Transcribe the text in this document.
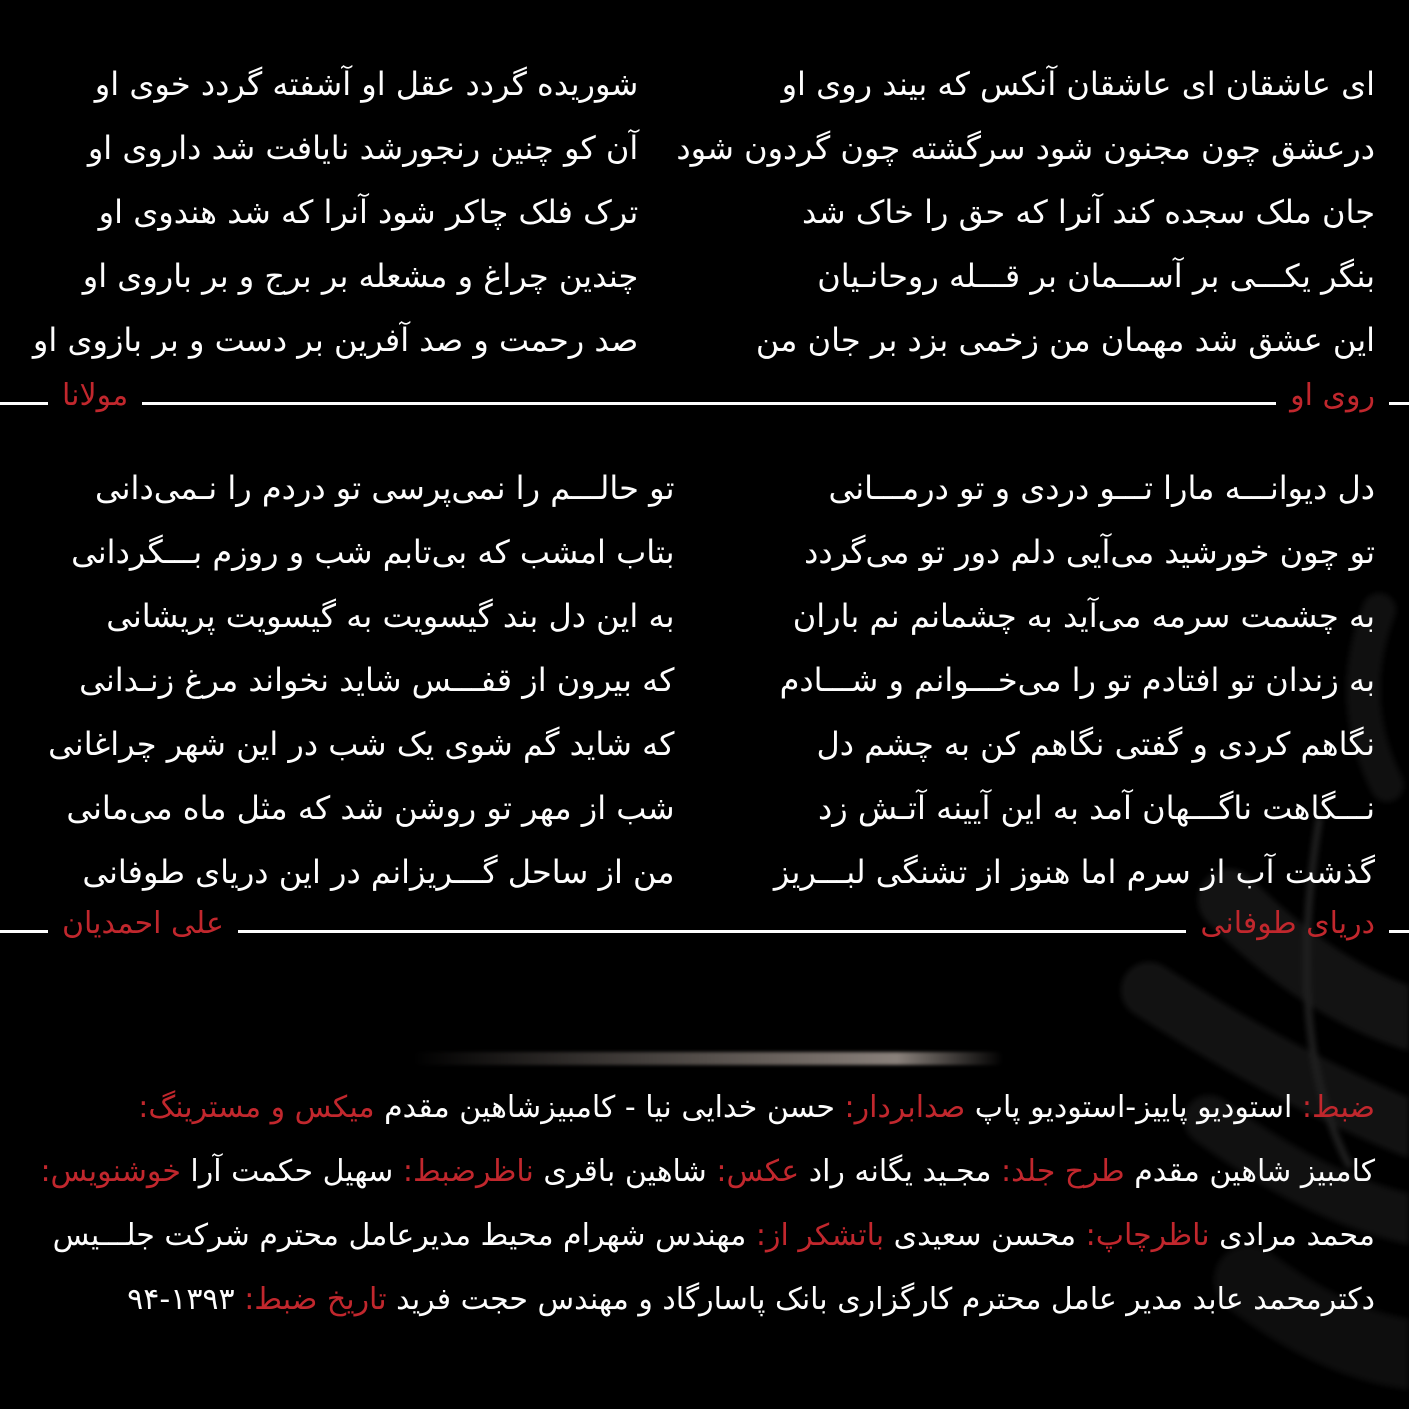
ای عاشقان ای عاشقان آنکس که بیند روی او
درعشق چون مجنون شود سرگشته چون گردون شود
جان ملک سجده کند آنرا که حق را خاک شد
بنگر یکـــی بر آســـمان بر قـــله روحانـیان
این عشق شد مهمان من زخمی بزد بر جان من
شوریده گردد عقل او آشفته گردد خوی او
آن کو چنین رنجورشد نایافت شد داروی او
ترک فلک چاکر شود آنرا که شد هندوی او
چندین چراغ و مشعله بر برج و بر باروی او
صد رحمت و صد آفرین بر دست و بر بازوی او
مولانا	روی او
دل دیوانـــه مارا تـــو دردی و تو درمـــانی
تو چون خورشید می‌آیی دلم دور تو می‌گردد
به چشمت سرمه می‌آید به چشمانم نم باران
به زندان تو افتادم تو را می‌خـــوانم و شـــادم
نگاهم کردی و گفتی نگاهم کن به چشم دل
نـــگاهت ناگـــهان آمد به این آیینه آتـش زد
گذشت آب از سرم اما هنوز از تشنگی لبـــریز
تو حالـــم را نمی‌پرسی تو دردم را نـمی‌دانی
بتاب امشب که بی‌تابم شب و روزم بـــگردانی
به این دل بند گیسویت به گیسویت پریشانی
که بیرون از قفـــس شاید نخواند مرغ زنـدانی
که شاید گم شوی یک شب در این شهر چراغانی
شب از مهر تو روشن شد که مثل ماه می‌مانی
من از ساحل گـــریزانم در این دریای طوفانی
علی احمدیان	دریای طوفانی
ضبط: استودیو پاییز-استودیو پاپ صدابردار: حسن خدایی نیا - کامبیزشاهین مقدم میکس و مسترینگ:
کامبیز شاهین مقدم طرح جلد: مجـید یگانه راد عکس: شاهین باقری ناظرضبط: سهیل حکمت آرا خوشنویس:
محمد مرادی ناظرچاپ: محسن سعیدی باتشکر از: مهندس شهرام محیط مدیرعامل محترم شرکت جلـــیس
دکترمحمد عابد مدیر عامل محترم کارگزاری بانک پاسارگاد و مهندس حجت فرید تاریخ ضبط: ۱۳۹۳-۹۴
